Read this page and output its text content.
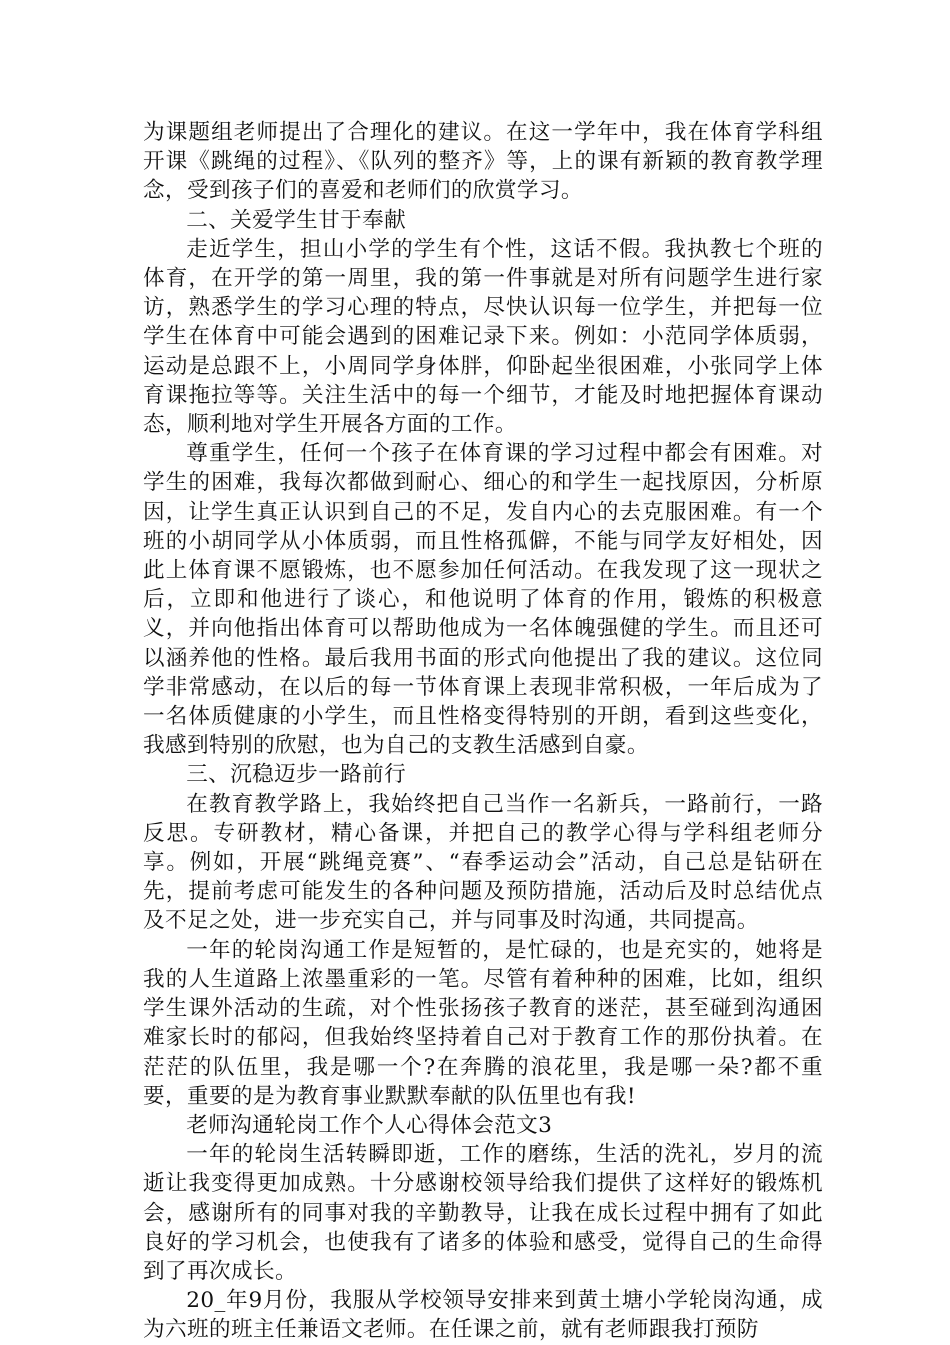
为课题组老师提出了合理化的建议。在这一学年中，我在体育学科组开课《跳绳的过程》、《队列的整齐》等，上的课有新颖的教育教学理念，受到孩子们的喜爱和老师们的欣赏学习。

二、关爱学生甘于奉献

走近学生，担山小学的学生有个性，这话不假。我执教七个班的体育，在开学的第一周里，我的第一件事就是对所有问题学生进行家访，熟悉学生的学习心理的特点，尽快认识每一位学生，并把每一位学生在体育中可能会遇到的困难记录下来。例如：小范同学体质弱，运动是总跟不上，小周同学身体胖，仰卧起坐很困难，小张同学上体育课拖拉等等。关注生活中的每一个细节，才能及时地把握体育课动态，顺利地对学生开展各方面的工作。

尊重学生，任何一个孩子在体育课的学习过程中都会有困难。对学生的困难，我每次都做到耐心、细心的和学生一起找原因，分析原因，让学生真正认识到自己的不足，发自内心的去克服困难。有一个班的小胡同学从小体质弱，而且性格孤僻，不能与同学友好相处，因此上体育课不愿锻炼，也不愿参加任何活动。在我发现了这一现状之后，立即和他进行了谈心，和他说明了体育的作用，锻炼的积极意义，并向他指出体育可以帮助他成为一名体魄强健的学生。而且还可以涵养他的性格。最后我用书面的形式向他提出了我的建议。这位同学非常感动，在以后的每一节体育课上表现非常积极，一年后成为了一名体质健康的小学生，而且性格变得特别的开朗，看到这些变化，我感到特别的欣慰，也为自己的支教生活感到自豪。

三、沉稳迈步一路前行

在教育教学路上，我始终把自己当作一名新兵，一路前行，一路反思。专研教材，精心备课，并把自己的教学心得与学科组老师分享。例如，开展“跳绳竞赛”、“春季运动会”活动，自己总是钻研在先，提前考虑可能发生的各种问题及预防措施，活动后及时总结优点及不足之处，进一步充实自己，并与同事及时沟通，共同提高。

一年的轮岗沟通工作是短暂的，是忙碌的，也是充实的，她将是我的人生道路上浓墨重彩的一笔。尽管有着种种的困难，比如，组织学生课外活动的生疏，对个性张扬孩子教育的迷茫，甚至碰到沟通困难家长时的郁闷，但我始终坚持着自己对于教育工作的那份执着。在茫茫的队伍里，我是哪一个?在奔腾的浪花里，我是哪一朵?都不重要，重要的是为教育事业默默奉献的队伍里也有我!

老师沟通轮岗工作个人心得体会范文3

一年的轮岗生活转瞬即逝，工作的磨练，生活的洗礼，岁月的流逝让我变得更加成熟。十分感谢校领导给我们提供了这样好的锻炼机会，感谢所有的同事对我的辛勤教导，让我在成长过程中拥有了如此良好的学习机会，也使我有了诸多的体验和感受，觉得自己的生命得到了再次成长。

20_年9月份，我服从学校领导安排来到黄土塘小学轮岗沟通，成为六班的班主任兼语文老师。在任课之前，就有老师跟我打预防
